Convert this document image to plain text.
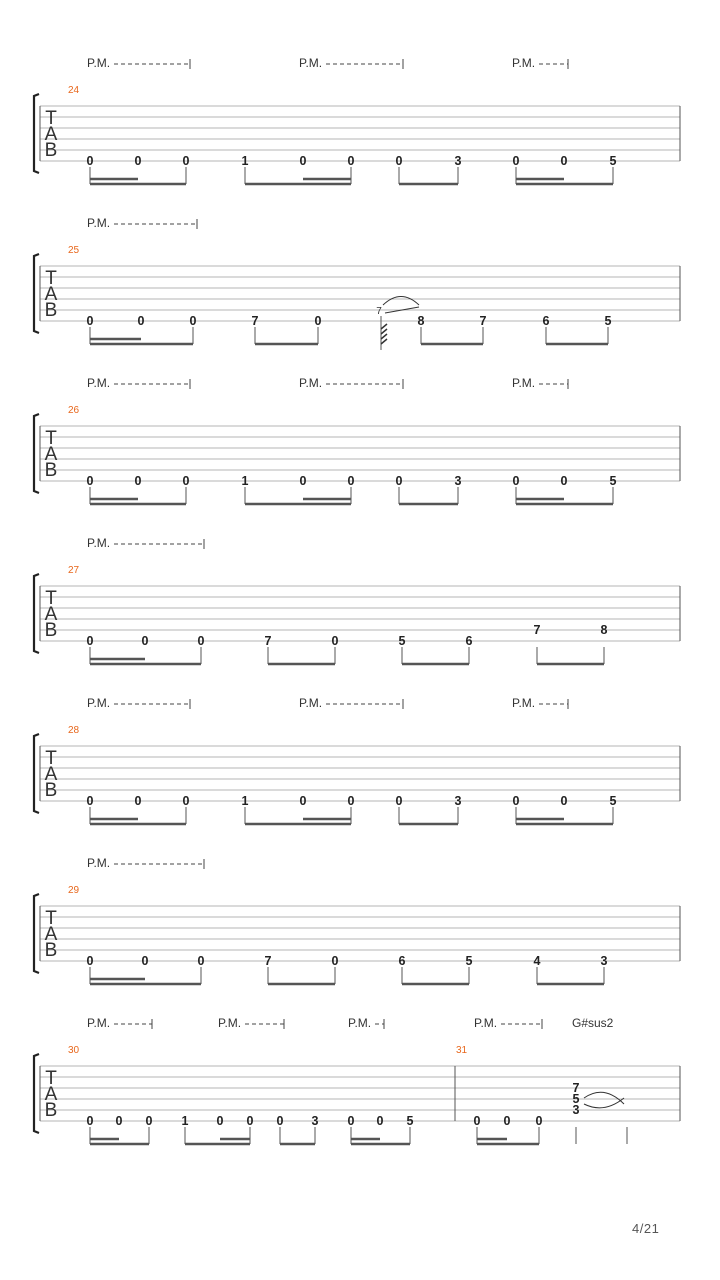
T
A
B
24
P.M.	P.M.	P.M.
0	0	0	1	0	0	0	3	0	0	5
T
A
B
25
P.M.
0	0	0	7	0	8	7	6	5
7
T
A
B
26
P.M.	P.M.	P.M.
0	0	0	1	0	0	0	3	0	0	5
T
A
B
27
P.M.
0	0	0	7	0	5	6
7	8
T
A
B
28
P.M.	P.M.	P.M.
0	0	0	1	0	0	0	3	0	0	5
T
A
B
29
P.M.
0	0	0	7	0	6	5	4	3
T
A
B
30	31
P.M.	P.M.	P.M.	P.M.
0 0 0 1 0 0 0 3 0 0 5	0 0 0
G#sus2
7
5
3
4/21
